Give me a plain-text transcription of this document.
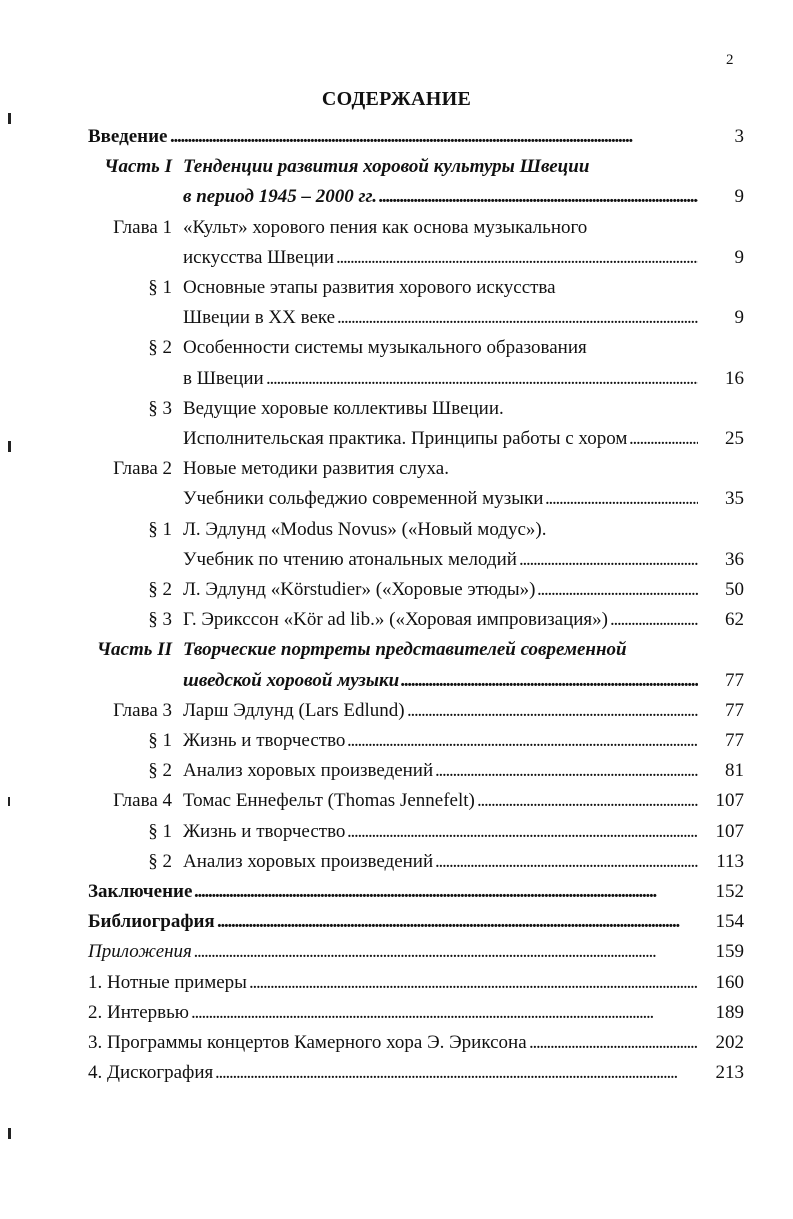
2
СОДЕРЖАНИЕ
Введение . . .	3
Часть I Тенденции развития хоровой культуры Швеции
в период 1945 – 2000 гг. . . .	9
Глава 1 «Культ» хорового пения как основа музыкального
искусства Швеции . . .	9
§ 1 Основные этапы развития хорового искусства
Швеции в XX веке . . .	9
§ 2 Особенности системы музыкального образования
в Швеции . . .	16
§ 3 Ведущие хоровые коллективы Швеции.
Исполнительская практика. Принципы работы с хором . . .	25
Глава 2 Новые методики развития слуха.
Учебники сольфеджио современной музыки . . .	35
§ 1 Л. Эдлунд «Modus Novus» («Новый модус»).
Учебник по чтению атональных мелодий . . .	36
§ 2 Л. Эдлунд «Körstudier» («Хоровые этюды») . . .	50
§ 3 Г. Эрикссон «Kör ad lib.» («Хоровая импровизация») . . .	62
Часть II Творческие портреты представителей современной
шведской хоровой музыки . . .	77
Глава 3 Ларш Эдлунд (Lars Edlund) . . .	77
§ 1 Жизнь и творчество . . .	77
§ 2 Анализ хоровых произведений . . .	81
Глава 4 Томас Еннефельт (Thomas Jennefelt) . . .	107
§ 1 Жизнь и творчество . . .	107
§ 2 Анализ хоровых произведений . . .	113
Заключение . . .	152
Библиография . . .	154
Приложения . . .	159
1. Нотные примеры . . .	160
2. Интервью . . .	189
3. Программы концертов Камерного хора Э. Эриксона . . .	202
4. Дискография . . .	213
